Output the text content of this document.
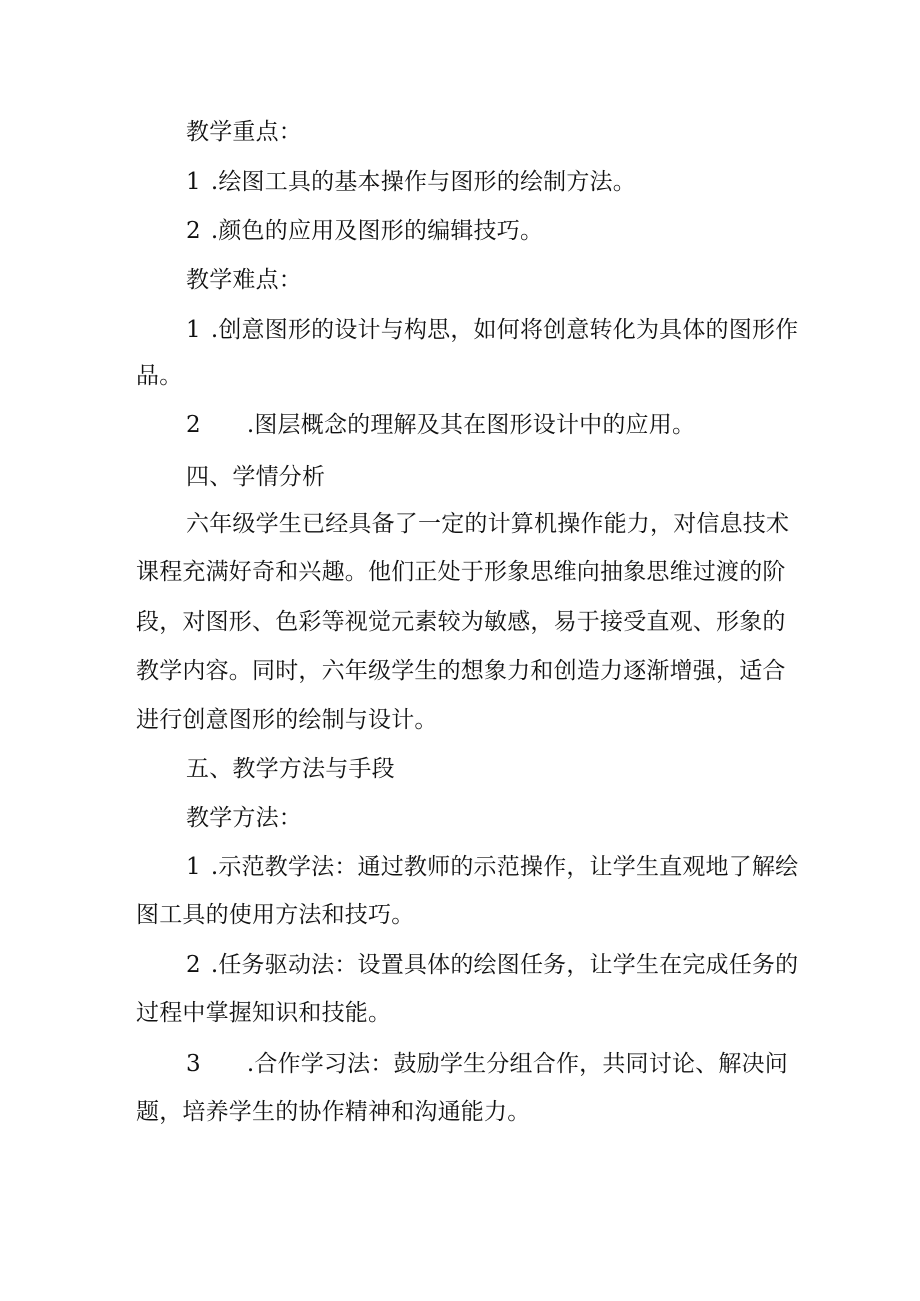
教学重点：
1 .绘图工具的基本操作与图形的绘制方法。
2 .颜色的应用及图形的编辑技巧。
教学难点：
1 .创意图形的设计与构思，如何将创意转化为具体的图形作
品。
2 .图层概念的理解及其在图形设计中的应用。
四、学情分析
六年级学生已经具备了一定的计算机操作能力，对信息技术
课程充满好奇和兴趣。他们正处于形象思维向抽象思维过渡的阶
段，对图形、色彩等视觉元素较为敏感，易于接受直观、形象的
教学内容。同时，六年级学生的想象力和创造力逐渐增强，适合
进行创意图形的绘制与设计。
五、教学方法与手段
教学方法：
1 .示范教学法：通过教师的示范操作，让学生直观地了解绘
图工具的使用方法和技巧。
2 .任务驱动法：设置具体的绘图任务，让学生在完成任务的
过程中掌握知识和技能。
3 .合作学习法：鼓励学生分组合作，共同讨论、解决问
题，培养学生的协作精神和沟通能力。
